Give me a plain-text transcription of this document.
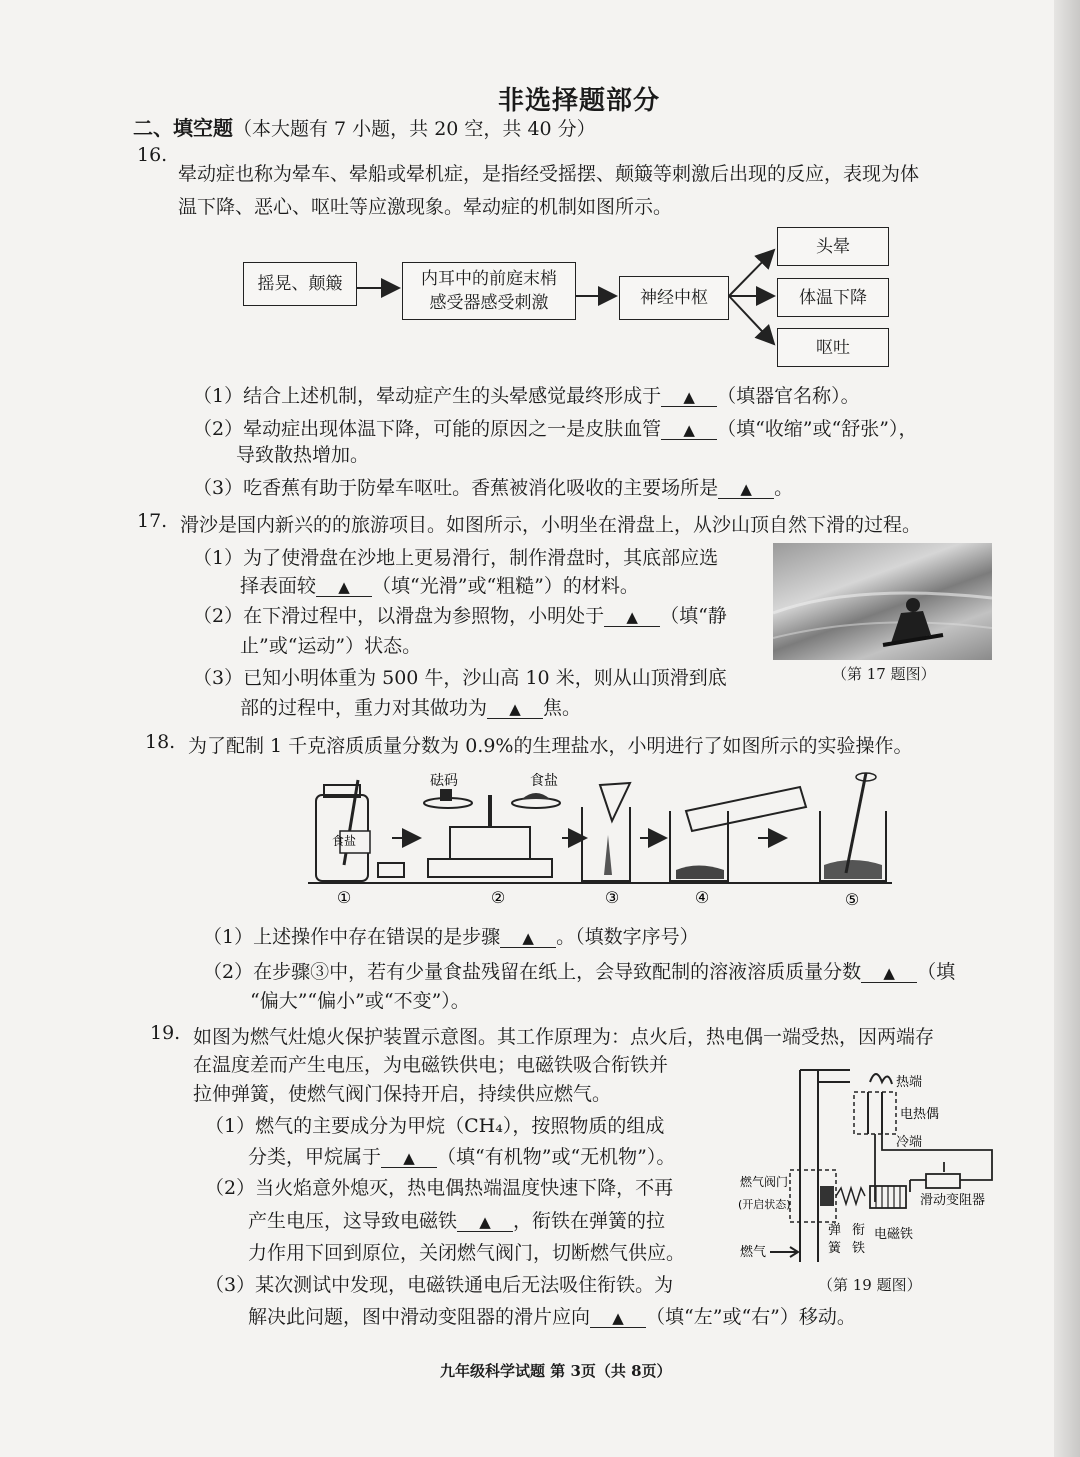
非选择题部分
二、填空题（本大题有 7 小题，共 20 空，共 40 分）
16.
晕动症也称为晕车、晕船或晕机症，是指经受摇摆、颠簸等刺激后出现的反应，表现为体
温下降、恶心、呕吐等应激现象。晕动症的机制如图所示。
摇晃、颠簸	内耳中的前庭末梢
感受器感受刺激	神经中枢
头晕
体温下降
呕吐
（1）结合上述机制，晕动症产生的头晕感觉最终形成于 ▲ （填器官名称）。
（2）晕动症出现体温下降，可能的原因之一是皮肤血管 ▲ （填“收缩”或“舒张”），
导致散热增加。
（3）吃香蕉有助于防晕车呕吐。香蕉被消化吸收的主要场所是 ▲ 。
17. 滑沙是国内新兴的的旅游项目。如图所示，小明坐在滑盘上，从沙山顶自然下滑的过程。
（1）为了使滑盘在沙地上更易滑行，制作滑盘时，其底部应选
择表面较 ▲ （填“光滑”或“粗糙”）的材料。
（2）在下滑过程中，以滑盘为参照物，小明处于 ▲ （填“静
止”或“运动”）状态。
（3）已知小明体重为 500 牛，沙山高 10 米，则从山顶滑到底
部的过程中，重力对其做功为 ▲ 焦。
（第 17 题图）
18. 为了配制 1 千克溶质质量分数为 0.9%的生理盐水，小明进行了如图所示的实验操作。
食盐
砝码	食盐
①	②	③	④	⑤
（1）上述操作中存在错误的是步骤 ▲ 。（填数字序号）
（2）在步骤③中，若有少量食盐残留在纸上，会导致配制的溶液溶质质量分数 ▲ （填
“偏大”“偏小”或“不变”）。
19. 如图为燃气灶熄火保护装置示意图。其工作原理为：点火后，热电偶一端受热，因两端存
在温度差而产生电压，为电磁铁供电；电磁铁吸合衔铁并
拉伸弹簧，使燃气阀门保持开启，持续供应燃气。
（1）燃气的主要成分为甲烷（CH₄），按照物质的组成
分类，甲烷属于 ▲ （填“有机物”或“无机物”）。
（2）当火焰意外熄灭，热电偶热端温度快速下降，不再
产生电压，这导致电磁铁 ▲ ，衔铁在弹簧的拉
力作用下回到原位，关闭燃气阀门，切断燃气供应。
（3）某次测试中发现，电磁铁通电后无法吸住衔铁。为
解决此问题，图中滑动变阻器的滑片应向 ▲ （填“左”或“右”）移动。
热端
电热偶
冷端
燃气阀门
(开启状态)	滑动变阻器
弹
簧
衔
铁
电磁铁
燃气
（第 19 题图）
九年级科学试题 第 3页（共 8页）
